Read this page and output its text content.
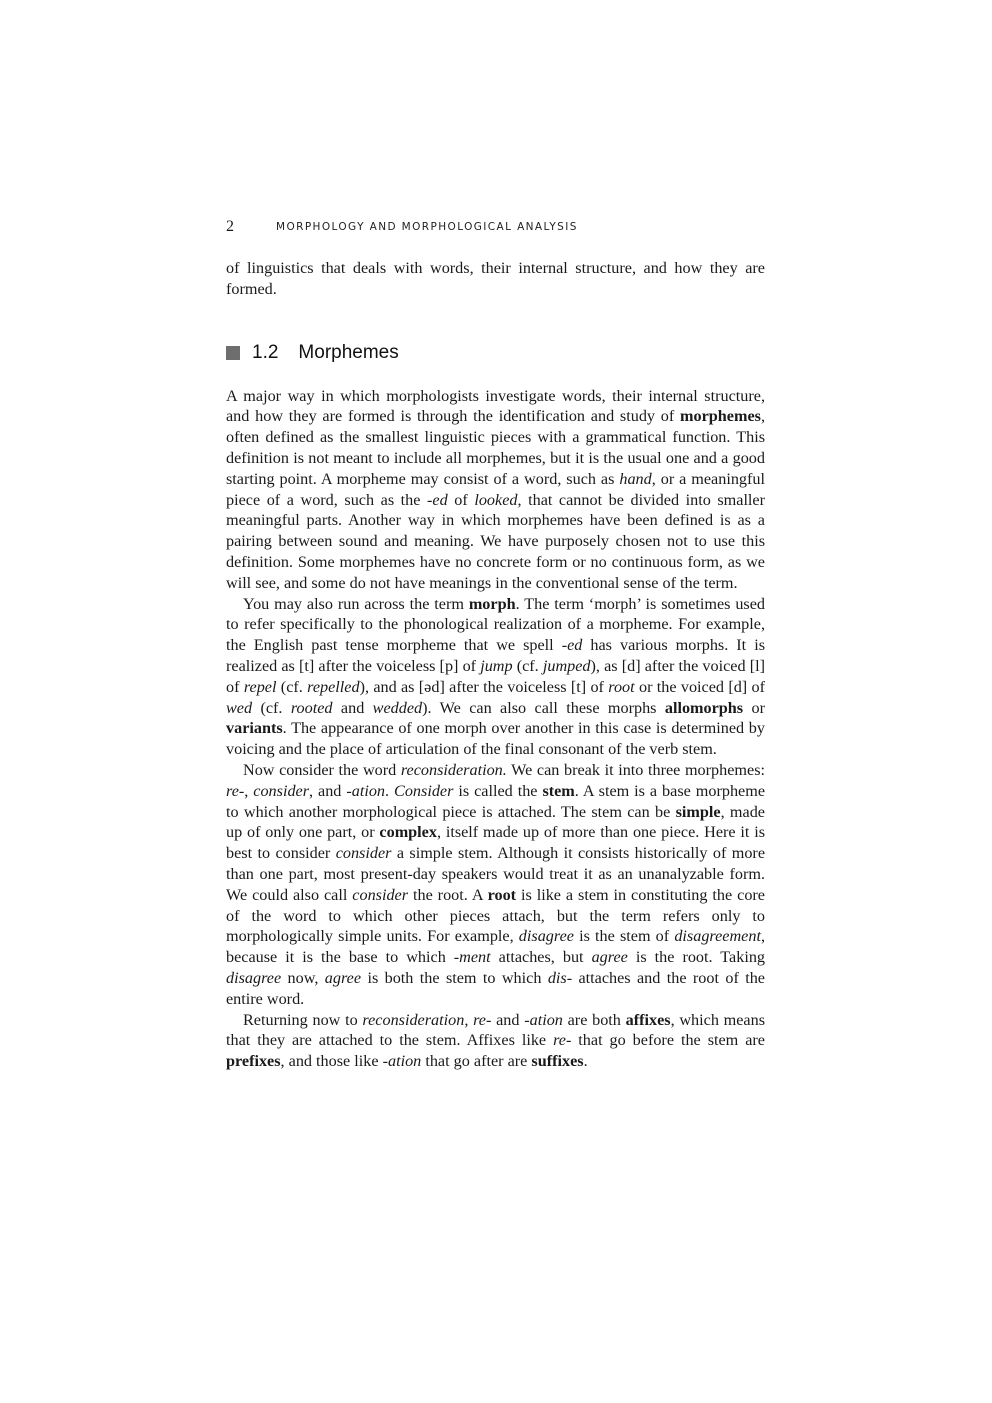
2	MORPHOLOGY AND MORPHOLOGICAL ANALYSIS

of linguistics that deals with words, their internal structure, and how they are formed.

1.2 Morphemes

A major way in which morphologists investigate words, their internal structure, and how they are formed is through the identification and study of morphemes, often defined as the smallest linguistic pieces with a grammatical function. This definition is not meant to include all morphemes, but it is the usual one and a good starting point. A morpheme may consist of a word, such as hand, or a meaningful piece of a word, such as the -ed of looked, that cannot be divided into smaller meaningful parts. Another way in which morphemes have been defined is as a pairing between sound and meaning. We have purposely chosen not to use this definition. Some morphemes have no concrete form or no continuous form, as we will see, and some do not have meanings in the conventional sense of the term.

You may also run across the term morph. The term ‘morph’ is sometimes used to refer specifically to the phonological realization of a morpheme. For example, the English past tense morpheme that we spell -ed has various morphs. It is realized as [t] after the voiceless [p] of jump (cf. jumped), as [d] after the voiced [l] of repel (cf. repelled), and as [əd] after the voiceless [t] of root or the voiced [d] of wed (cf. rooted and wedded). We can also call these morphs allomorphs or variants. The appearance of one morph over another in this case is determined by voicing and the place of articulation of the final consonant of the verb stem.

Now consider the word reconsideration. We can break it into three morphemes: re-, consider, and -ation. Consider is called the stem. A stem is a base morpheme to which another morphological piece is attached. The stem can be simple, made up of only one part, or complex, itself made up of more than one piece. Here it is best to consider consider a simple stem. Although it consists historically of more than one part, most present-day speakers would treat it as an unanalyzable form. We could also call consider the root. A root is like a stem in constituting the core of the word to which other pieces attach, but the term refers only to morphologically simple units. For example, disagree is the stem of disagreement, because it is the base to which -ment attaches, but agree is the root. Taking disagree now, agree is both the stem to which dis- attaches and the root of the entire word.

Returning now to reconsideration, re- and -ation are both affixes, which means that they are attached to the stem. Affixes like re- that go before the stem are prefixes, and those like -ation that go after are suffixes.
